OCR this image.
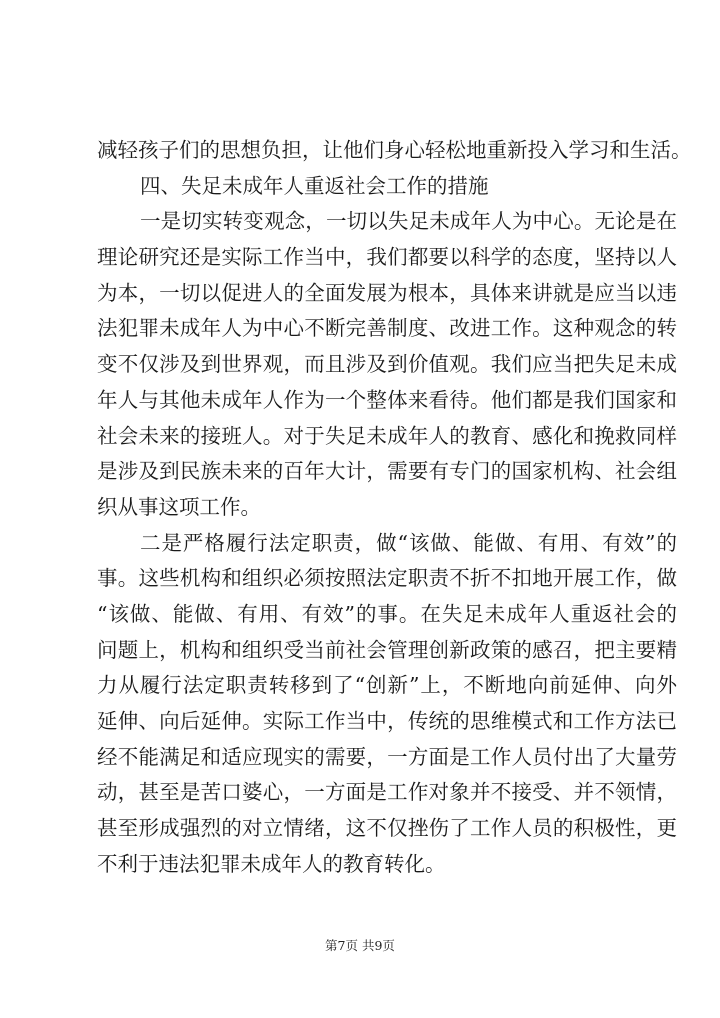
减轻孩子们的思想负担，让他们身心轻松地重新投入学习和生活。
四、失足未成年人重返社会工作的措施
一是切实转变观念，一切以失足未成年人为中心。无论是在
理论研究还是实际工作当中，我们都要以科学的态度，坚持以人
为本，一切以促进人的全面发展为根本，具体来讲就是应当以违
法犯罪未成年人为中心不断完善制度、改进工作。这种观念的转
变不仅涉及到世界观，而且涉及到价值观。我们应当把失足未成
年人与其他未成年人作为一个整体来看待。他们都是我们国家和
社会未来的接班人。对于失足未成年人的教育、感化和挽救同样
是涉及到民族未来的百年大计，需要有专门的国家机构、社会组
织从事这项工作。
二是严格履行法定职责，做“该做、能做、有用、有效”的
事。这些机构和组织必须按照法定职责不折不扣地开展工作，做
“该做、能做、有用、有效”的事。在失足未成年人重返社会的
问题上，机构和组织受当前社会管理创新政策的感召，把主要精
力从履行法定职责转移到了“创新”上，不断地向前延伸、向外
延伸、向后延伸。实际工作当中，传统的思维模式和工作方法已
经不能满足和适应现实的需要，一方面是工作人员付出了大量劳
动，甚至是苦口婆心，一方面是工作对象并不接受、并不领情，
甚至形成强烈的对立情绪，这不仅挫伤了工作人员的积极性，更
不利于违法犯罪未成年人的教育转化。
第7页 共9页
